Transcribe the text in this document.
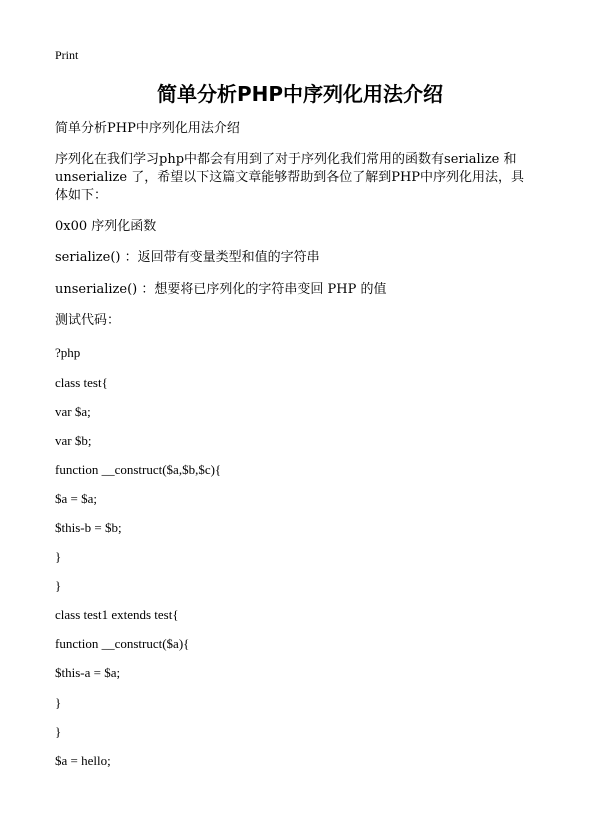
Print
简单分析PHP中序列化用法介绍
简单分析PHP中序列化用法介绍
序列化在我们学习php中都会有用到了对于序列化我们常用的函数有serialize 和unserialize 了，希望以下这篇文章能够帮助到各位了解到PHP中序列化用法，具体如下：
0x00 序列化函数
serialize() ：返回带有变量类型和值的字符串
unserialize() ：想要将已序列化的字符串变回 PHP 的值
测试代码：
?php
class test{
var $a;
var $b;
function __construct($a,$b,$c){
$a = $a;
$this-b = $b;
}
}
class test1 extends test{
function __construct($a){
$this-a = $a;
}
}
$a = hello;
